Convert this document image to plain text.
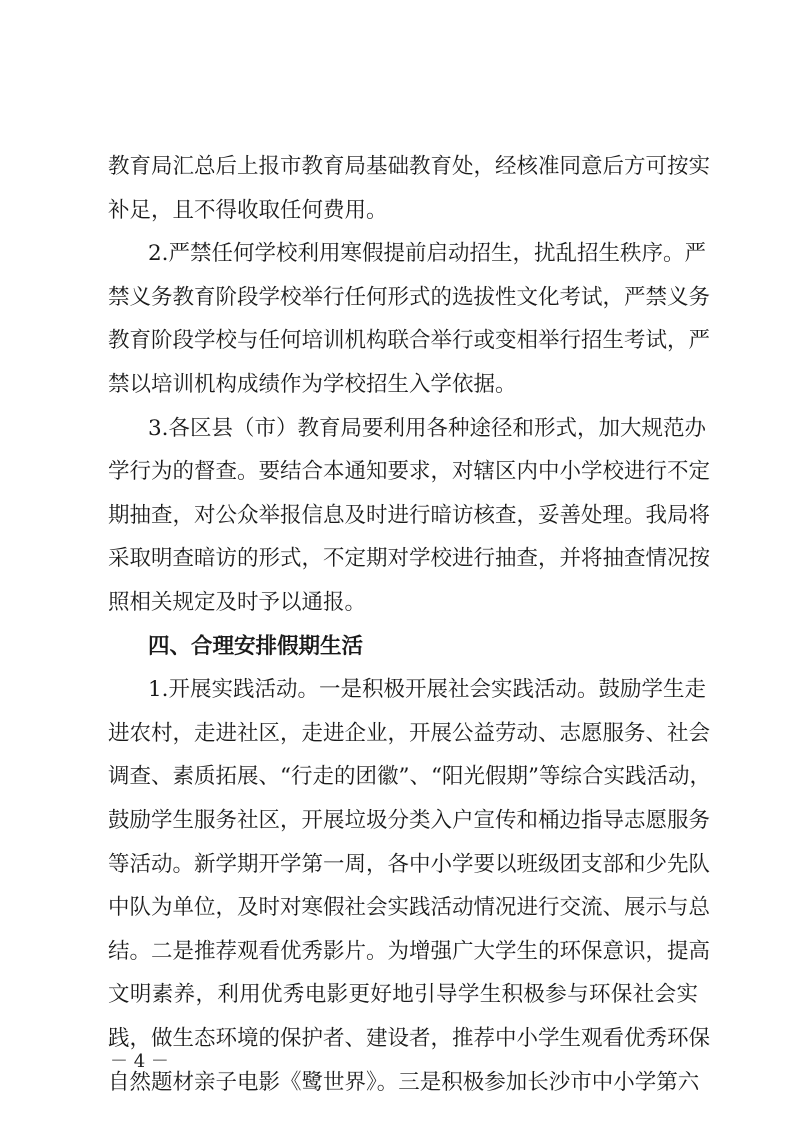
教育局汇总后上报市教育局基础教育处，经核准同意后方可按实
补足，且不得收取任何费用。
2.严禁任何学校利用寒假提前启动招生，扰乱招生秩序。严
禁义务教育阶段学校举行任何形式的选拔性文化考试，严禁义务
教育阶段学校与任何培训机构联合举行或变相举行招生考试，严
禁以培训机构成绩作为学校招生入学依据。
3.各区县（市）教育局要利用各种途径和形式，加大规范办
学行为的督查。要结合本通知要求，对辖区内中小学校进行不定
期抽查，对公众举报信息及时进行暗访核查，妥善处理。我局将
采取明查暗访的形式，不定期对学校进行抽查，并将抽查情况按
照相关规定及时予以通报。
四、合理安排假期生活
1.开展实践活动。一是积极开展社会实践活动。鼓励学生走
进农村，走进社区，走进企业，开展公益劳动、志愿服务、社会
调查、素质拓展、“行走的团徽”、“阳光假期”等综合实践活动，
鼓励学生服务社区，开展垃圾分类入户宣传和桶边指导志愿服务
等活动。新学期开学第一周，各中小学要以班级团支部和少先队
中队为单位，及时对寒假社会实践活动情况进行交流、展示与总
结。二是推荐观看优秀影片。为增强广大学生的环保意识，提高
文明素养，利用优秀电影更好地引导学生积极参与环保社会实
践，做生态环境的保护者、建设者，推荐中小学生观看优秀环保
自然题材亲子电影《鹭世界》。三是积极参加长沙市中小学第六
－ 4 －
